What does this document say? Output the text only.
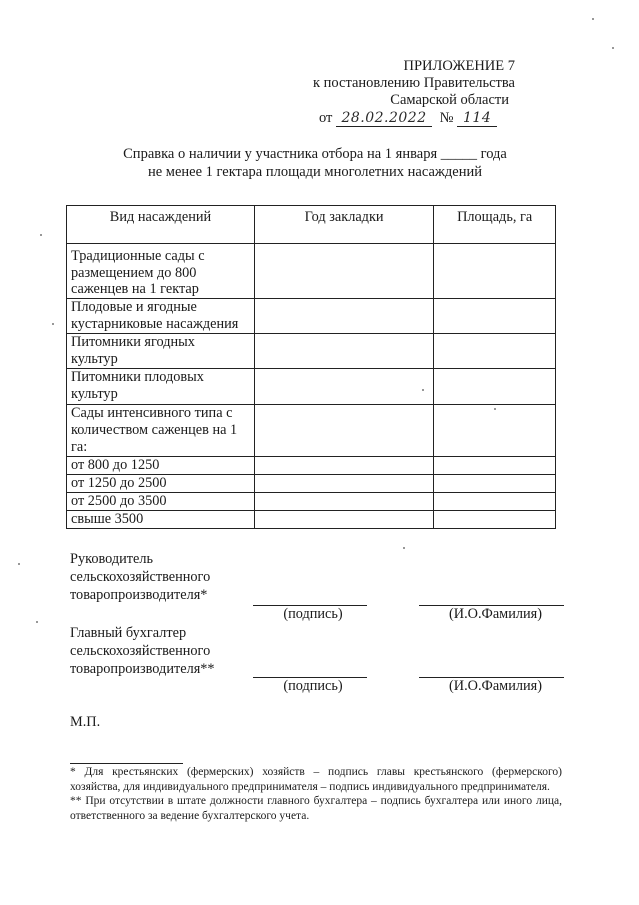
ПРИЛОЖЕНИЕ 7
к постановлению Правительства
Самарской области
от 28.02.2022 № 114
Справка о наличии у участника отбора на 1 января _____ года
не менее 1 гектара площади многолетних насаждений
Вид насаждений	Год закладки	Площадь, га
Традиционные сады с размещением до 800 саженцев на 1 гектар		
Плодовые и ягодные кустарниковые насаждения		

Питомники ягодных культур		

Питомники плодовых культур		

Сады интенсивного типа с количеством саженцев на 1 га:		

от 800 до 1250		
от 1250 до 2500		
от 2500 до 3500		
свыше 3500		
Руководитель
сельскохозяйственного
товаропроизводителя*
(подпись)	(И.О.Фамилия)
Главный бухгалтер
сельскохозяйственного
товаропроизводителя**
(подпись)	(И.О.Фамилия)
М.П.
* Для крестьянских (фермерских) хозяйств – подпись главы крестьянского (фермерского) хозяйства, для индивидуального предпринимателя – подпись индивидуального предпринимателя.
** При отсутствии в штате должности главного бухгалтера – подпись бухгалтера или иного лица, ответственного за ведение бухгалтерского учета.
